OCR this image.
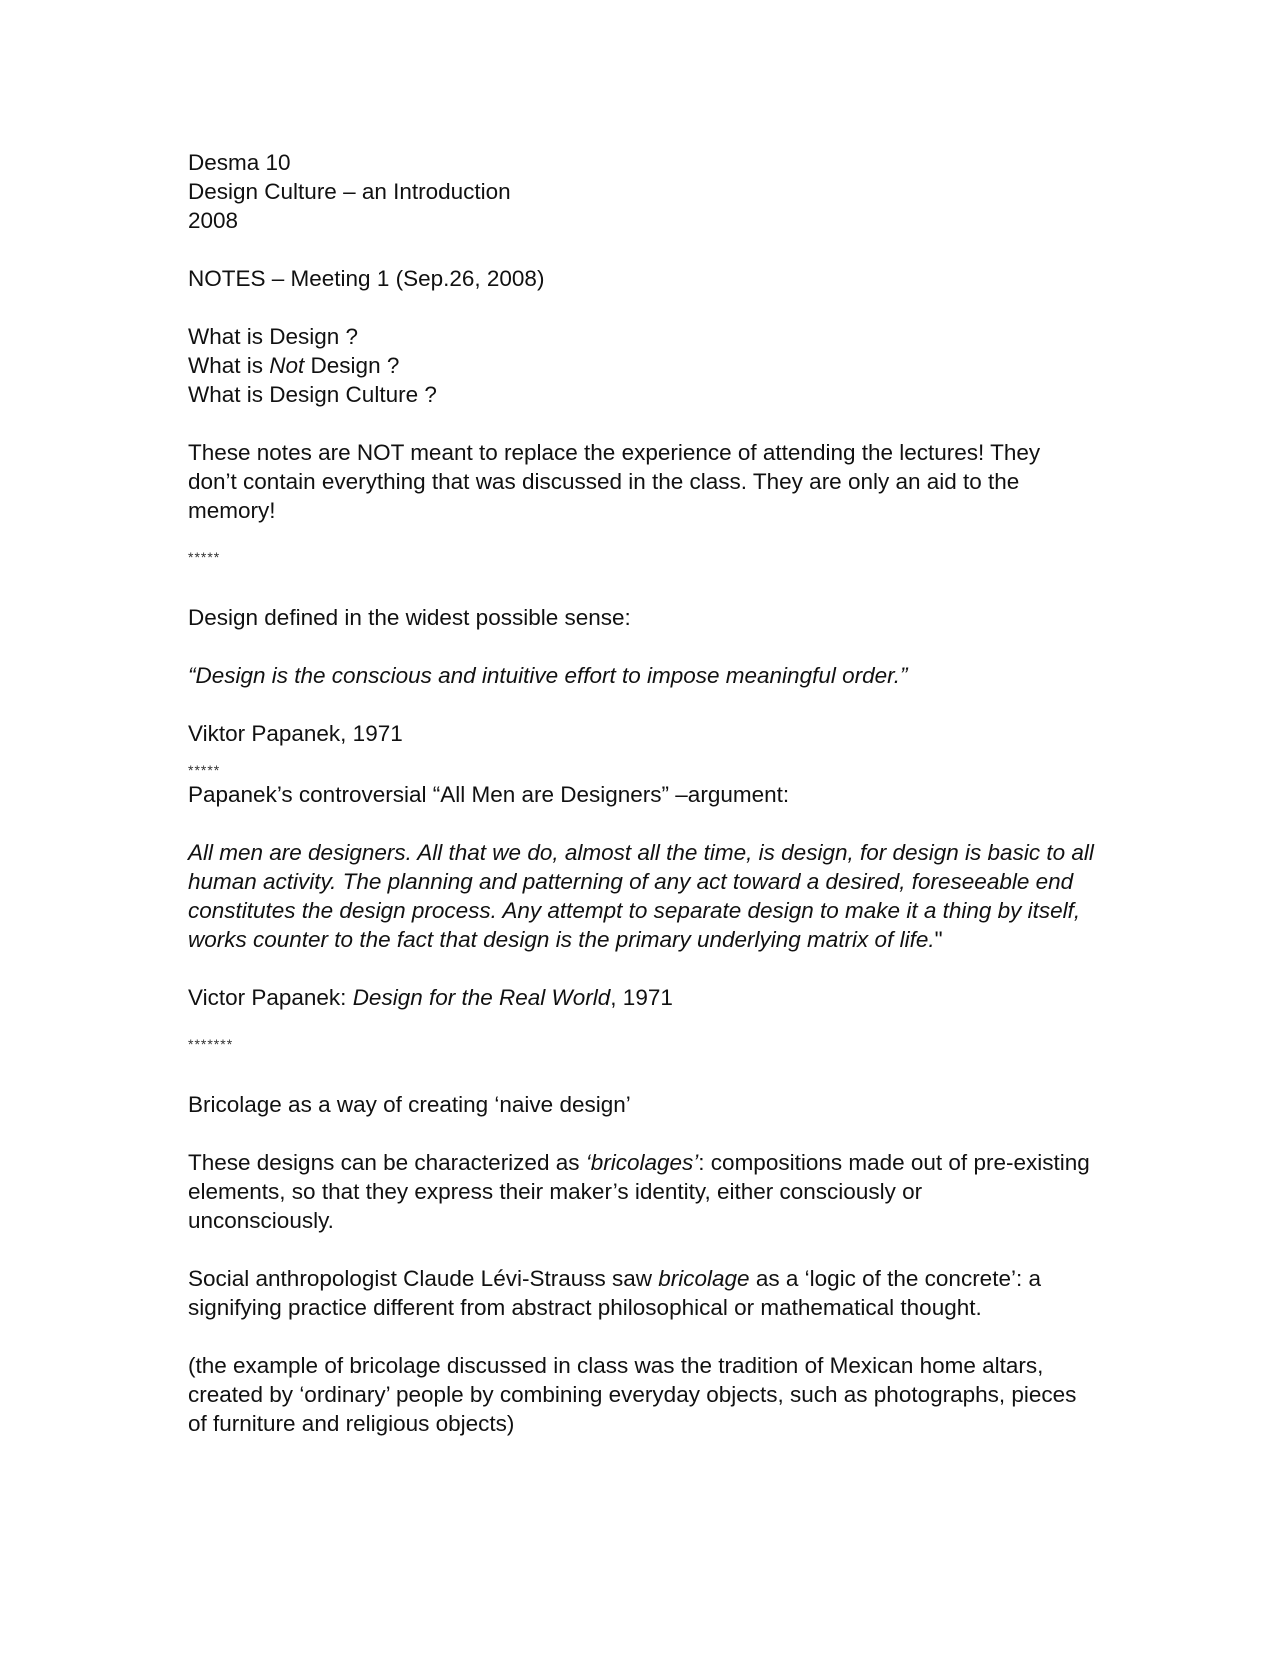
Desma 10
Design Culture – an Introduction
2008
NOTES – Meeting 1 (Sep.26, 2008)
What is Design ?
What is Not Design ?
What is Design Culture ?
These notes are NOT meant to replace the experience of attending the lectures! They
don’t contain everything that was discussed in the class. They are only an aid to the
memory!
*****
Design defined in the widest possible sense:
“Design is the conscious and intuitive effort to impose meaningful order.”
Viktor Papanek, 1971
*****
Papanek’s controversial “All Men are Designers” –argument:
All men are designers. All that we do, almost all the time, is design, for design is basic to all
human activity. The planning and patterning of any act toward a desired, foreseeable end
constitutes the design process. Any attempt to separate design to make it a thing by itself,
works counter to the fact that design is the primary underlying matrix of life."
Victor Papanek: Design for the Real World, 1971
*******
Bricolage as a way of creating ‘naive design’
These designs can be characterized as ‘bricolages’: compositions made out of pre-existing
elements, so that they express their maker’s identity, either consciously or
unconsciously.
Social anthropologist Claude Lévi-Strauss saw bricolage as a ‘logic of the concrete’: a
signifying practice different from abstract philosophical or mathematical thought.
(the example of bricolage discussed in class was the tradition of Mexican home altars,
created by ‘ordinary’ people by combining everyday objects, such as photographs, pieces
of furniture and religious objects)
